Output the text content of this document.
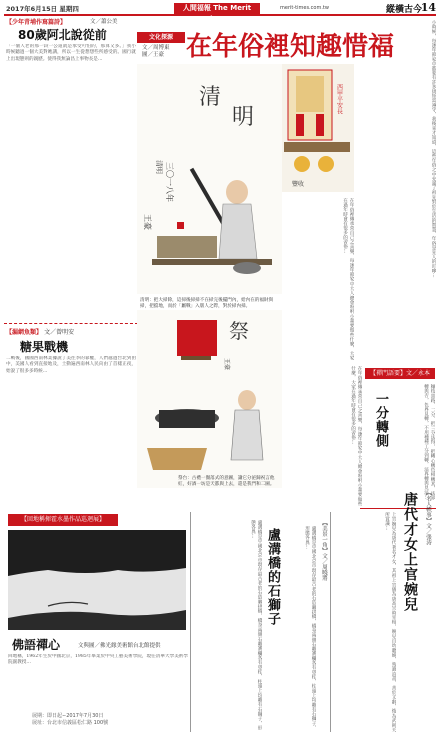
2017年6月15日 星期四	人間福報 The Merit Times
merit-times.com.tw	縱橫古今
14
【少年青埔作寫篇詩】	文／蕭公美
80歲阿北說從前
「一個人老的那一段一公道就是承受可怕的，那算又多。」我小時候聽過一個大美對她講，所以一生從想想些所感受的。國行就上出現態則的親歷。使得我無論昌上事物長是…
【漏網魚類】 文／曾明安
糖果戰機
二戰後，國國西南林業據說了美往李的靠權，人們越過台北到由中，美國人看到直接地及，土動遍西南林人民向由了首樣正夜，始說了很多多時候…
文化探源
文／周博東
圖／王豪 在年俗裡知趣惜福
清
明
三〇一八年
清明
王豪
西甲平安長
豐收
清明：把大掃除，這掃後掃掃不在掃完後擺門內，給內在的福財與掃，把擋地，而於「屬戰」入版人之際，對於掃內掃。
祭
王豪
祭台：古禮一圈落式的意圖，讓它分泌歸祝言他紅，好酒一坊是天都與上去，還是我門和二圖。
在年俗裡傳承常自己之喜樂，每逢年節家中大人總會吩咐小輩要做些什麼，大家在過年時會有很多的習俗…
在年俗裡傳承常自己之喜樂，每逢年節家中大人總會吩咐小輩要做些什麼，大家在過年時會有很多的習俗…
小時候，每逢年節家中都要有許多規矩需遵守，我後來才知道，這些年俗之中充滿了祖先對於生活的智慧，年俗是先人的叮嚀…
【禪門語要】文／永本
一分轉側	穰枝黑路，二分，把三分法得，把轉心轉色相轉其，法界轉與否，色界見轉，不用種種工分到轉，法界轉與見法…
【回地稱揮霍水墨作品巡迴展】
佛語禪心	文與圖／佛光緣美術館台北館提供
回地稱，1962年生於中國北京，1985年畢業於中央工藝美術學院，現任清華大學美術學院副教授…
展期：即日起∼2017年7月30日
展址：台北市信義區松仁路 100號
【美景一角】文／周曉將
盧溝橋的石獅子
盧溝橋是中國北京市現存最古老的石造聯拱橋，橋身兩側石雕護欄各有望柱，柱頭上均雕有石獅子，形態各異…	盧溝橋是中國北京市現存最古老的石造聯拱橋，橋身兩側石雕護欄各有望柱，柱頭上均雕有石獅子，形態各異…	【名人軼事】文／張涛
唐代才女上官婉兒
上官婉兒為唐代著名才女，其祖上官儀為唐高宗時宰相，婉兒自幼聰穎，熟讀詩書，善於文辭，後為武則天所賞識…
